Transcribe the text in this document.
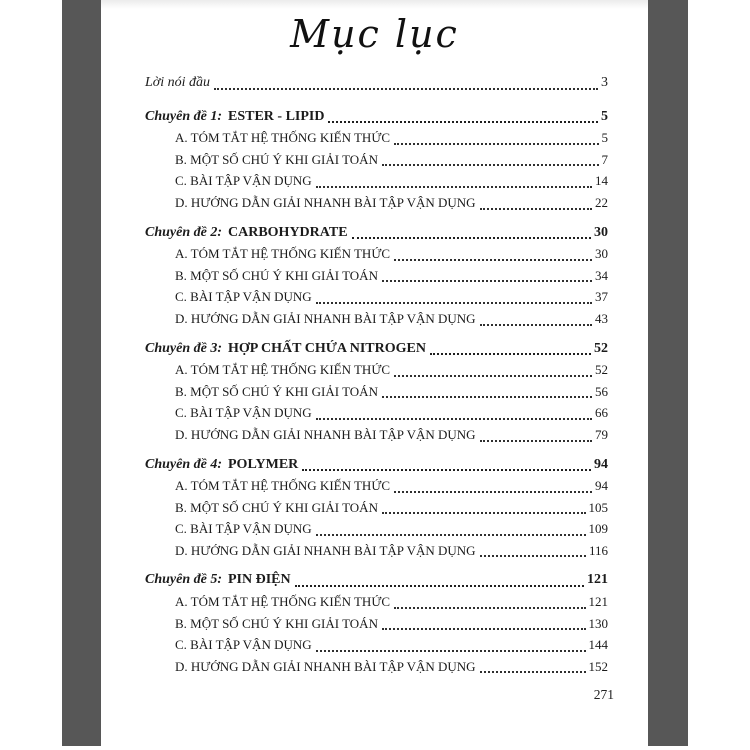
Mục lục
Lời nói đầu	3
Chuyên đề 1: ESTER - LIPID	5
A. TÓM TẮT HỆ THỐNG KIẾN THỨC	5
B. MỘT SỐ CHÚ Ý KHI GIẢI TOÁN	7
C. BÀI TẬP VẬN DỤNG	14
D. HƯỚNG DẪN GIẢI NHANH BÀI TẬP VẬN DỤNG	22
Chuyên đề 2: CARBOHYDRATE	30
A. TÓM TẮT HỆ THỐNG KIẾN THỨC	30
B. MỘT SỐ CHÚ Ý KHI GIẢI TOÁN	34
C. BÀI TẬP VẬN DỤNG	37
D. HƯỚNG DẪN GIẢI NHANH BÀI TẬP VẬN DỤNG	43
Chuyên đề 3: HỢP CHẤT CHỨA NITROGEN	52
A. TÓM TẮT HỆ THỐNG KIẾN THỨC	52
B. MỘT SỐ CHÚ Ý KHI GIẢI TOÁN	56
C. BÀI TẬP VẬN DỤNG	66
D. HƯỚNG DẪN GIẢI NHANH BÀI TẬP VẬN DỤNG	79
Chuyên đề 4: POLYMER	94
A. TÓM TẮT HỆ THỐNG KIẾN THỨC	94
B. MỘT SỐ CHÚ Ý KHI GIẢI TOÁN	105
C. BÀI TẬP VẬN DỤNG	109
D. HƯỚNG DẪN GIẢI NHANH BÀI TẬP VẬN DỤNG	116
Chuyên đề 5: PIN ĐIỆN	121
A. TÓM TẮT HỆ THỐNG KIẾN THỨC	121
B. MỘT SỐ CHÚ Ý KHI GIẢI TOÁN	130
C. BÀI TẬP VẬN DỤNG	144
D. HƯỚNG DẪN GIẢI NHANH BÀI TẬP VẬN DỤNG	152
271
